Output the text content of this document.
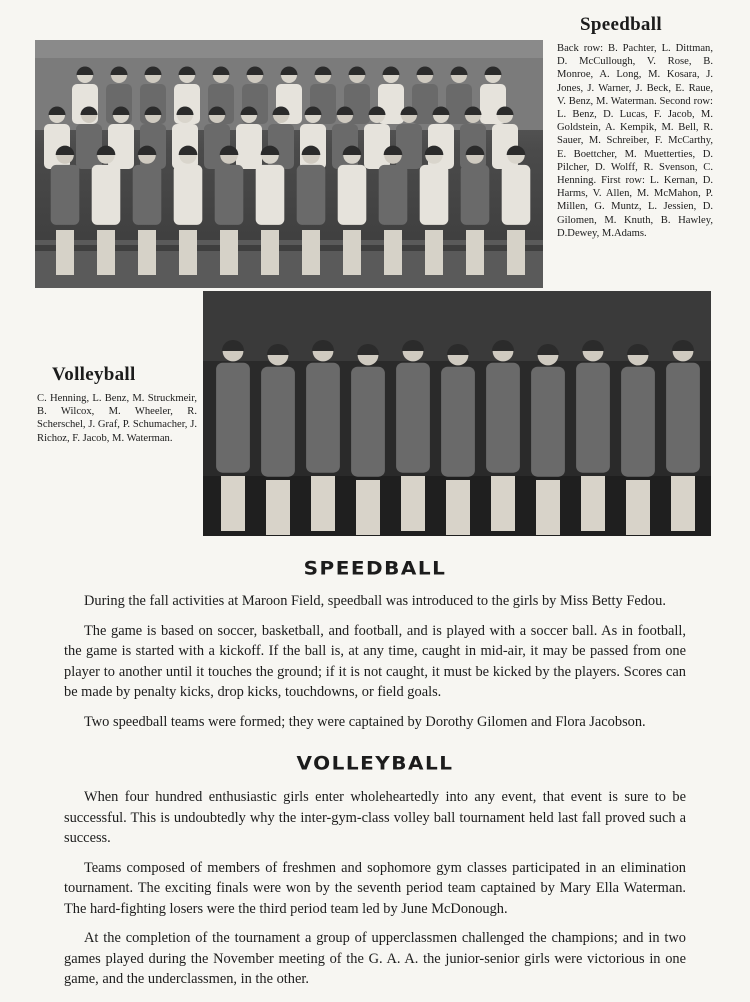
Speedball
Back row: B. Pachter, L. Dittman, D. McCullough, V. Rose, B. Monroe, A. Long, M. Kosara, J. Jones, J. Warner, J. Beck, E. Raue, V. Benz, M. Waterman. Second row: L. Benz, D. Lucas, F. Jacob, M. Goldstein, A. Kempik, M. Bell, R. Sauer, M. Schreiber, F. McCarthy, E. Boettcher, M. Muetterties, D. Pilcher, D. Wolff, R. Svenson, C. Henning. First row: L. Kernan, D. Harms, V. Allen, M. McMahon, P. Millen, G. Muntz, L. Jessien, D. Gilomen, M. Knuth, B. Hawley, D.Dewey, M.Adams.
Volleyball
C. Henning, L. Benz, M. Struckmeir, B. Wilcox, M. Wheeler, R. Scherschel, J. Graf, P. Schumacher, J. Richoz, F. Jacob, M. Waterman.
SPEEDBALL

During the fall activities at Maroon Field, speedball was introduced to the girls by Miss Betty Fedou.

The game is based on soccer, basketball, and football, and is played with a soccer ball. As in football, the game is started with a kickoff. If the ball is, at any time, caught in mid-air, it may be passed from one player to another until it touches the ground; if it is not caught, it must be kicked by the players. Scores can be made by penalty kicks, drop kicks, touchdowns, or field goals.

Two speedball teams were formed; they were captained by Dorothy Gilomen and Flora Jacobson.

VOLLEYBALL

When four hundred enthusiastic girls enter wholeheartedly into any event, that event is sure to be successful. This is undoubtedly why the inter-gym-class volley ball tournament held last fall proved such a success.

Teams composed of members of freshmen and sophomore gym classes participated in an elimination tournament. The exciting finals were won by the seventh period team captained by Mary Ella Waterman. The hard-fighting losers were the third period team led by June McDonough.

At the completion of the tournament a group of upperclassmen challenged the champions; and in two games played during the November meeting of the G. A. A. the junior-senior girls were victorious in one game, and the underclassmen, in the other.
